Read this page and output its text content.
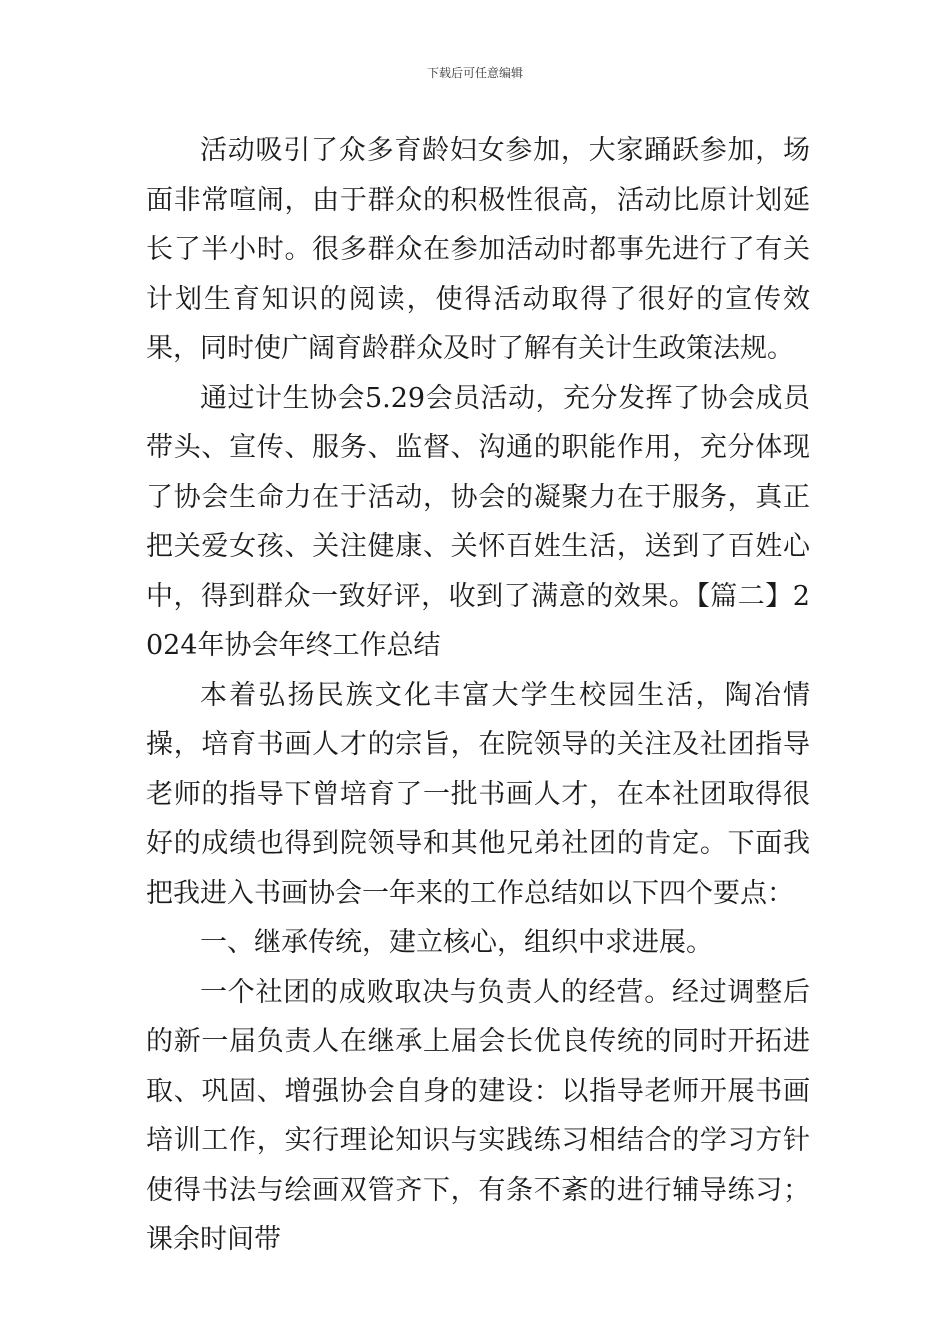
下载后可任意编辑

活动吸引了众多育龄妇女参加，大家踊跃参加，场面非常喧闹，由于群众的积极性很高，活动比原计划延长了半小时。很多群众在参加活动时都事先进行了有关计划生育知识的阅读，使得活动取得了很好的宣传效果，同时使广阔育龄群众及时了解有关计生政策法规。

通过计生协会5.29会员活动，充分发挥了协会成员带头、宣传、服务、监督、沟通的职能作用，充分体现了协会生命力在于活动，协会的凝聚力在于服务，真正把关爱女孩、关注健康、关怀百姓生活，送到了百姓心中，得到群众一致好评，收到了满意的效果。【篇二】2024年协会年终工作总结

本着弘扬民族文化丰富大学生校园生活，陶冶情操，培育书画人才的宗旨，在院领导的关注及社团指导老师的指导下曾培育了一批书画人才，在本社团取得很好的成绩也得到院领导和其他兄弟社团的肯定。下面我把我进入书画协会一年来的工作总结如以下四个要点：

一、继承传统，建立核心，组织中求进展。

一个社团的成败取决与负责人的经营。经过调整后的新一届负责人在继承上届会长优良传统的同时开拓进取、巩固、增强协会自身的建设：以指导老师开展书画培训工作，实行理论知识与实践练习相结合的学习方针使得书法与绘画双管齐下，有条不紊的进行辅导练习；课余时间带
